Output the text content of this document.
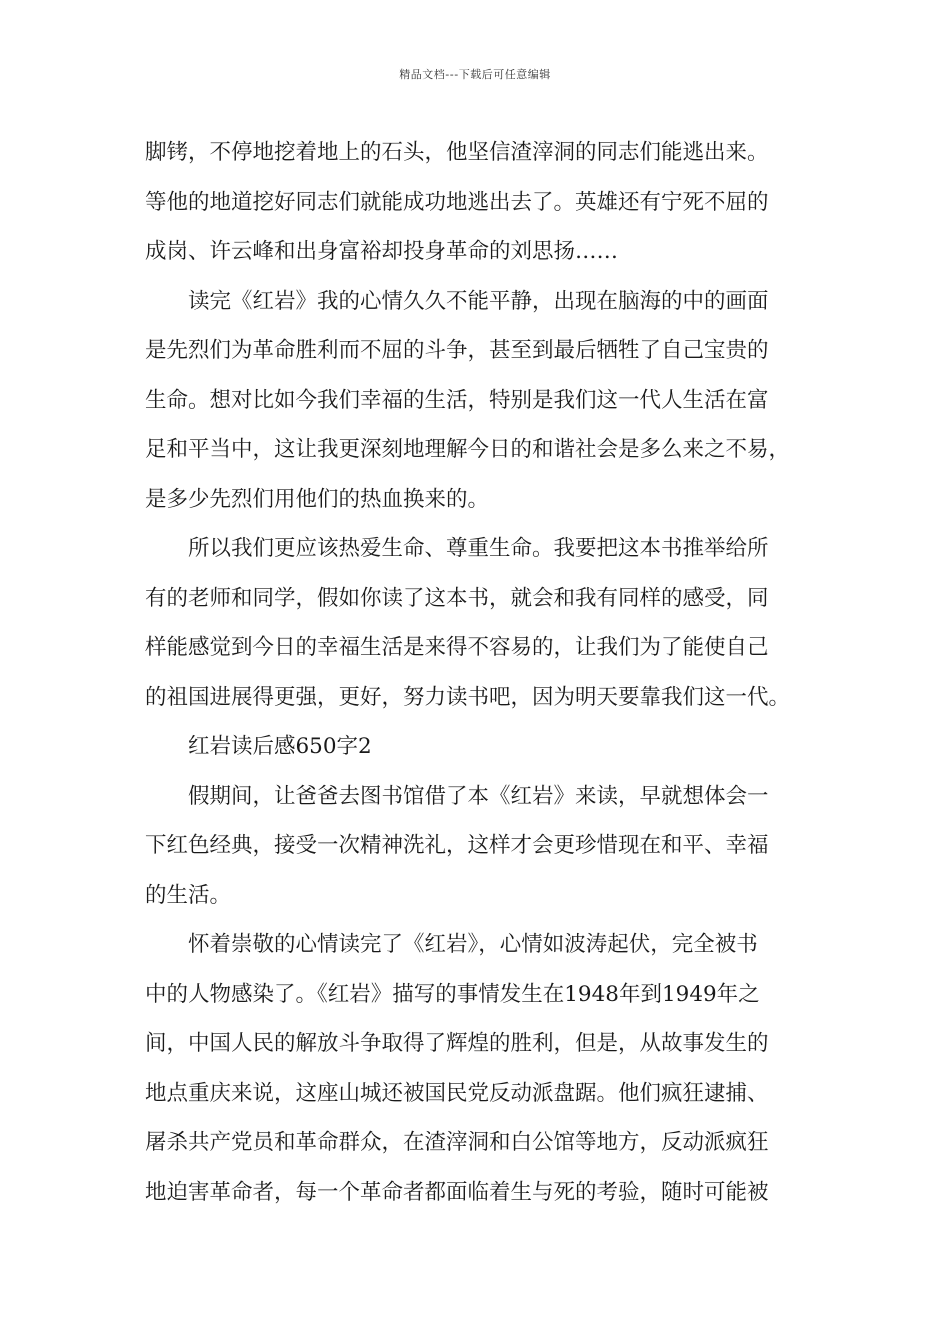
精品文档---下载后可任意编辑

脚铐，不停地挖着地上的石头，他坚信渣滓洞的同志们能逃出来。
等他的地道挖好同志们就能成功地逃出去了。英雄还有宁死不屈的
成岗、许云峰和出身富裕却投身革命的刘思扬……

读完《红岩》我的心情久久不能平静，出现在脑海的中的画面
是先烈们为革命胜利而不屈的斗争，甚至到最后牺牲了自己宝贵的
生命。想对比如今我们幸福的生活，特别是我们这一代人生活在富
足和平当中，这让我更深刻地理解今日的和谐社会是多么来之不易，
是多少先烈们用他们的热血换来的。

所以我们更应该热爱生命、尊重生命。我要把这本书推举给所
有的老师和同学，假如你读了这本书，就会和我有同样的感受，同
样能感觉到今日的幸福生活是来得不容易的，让我们为了能使自己
的祖国进展得更强，更好，努力读书吧，因为明天要靠我们这一代。

红岩读后感650字2

假期间，让爸爸去图书馆借了本《红岩》来读，早就想体会一
下红色经典，接受一次精神洗礼，这样才会更珍惜现在和平、幸福
的生活。

怀着崇敬的心情读完了《红岩》，心情如波涛起伏，完全被书
中的人物感染了。《红岩》描写的事情发生在1948年到1949年之
间，中国人民的解放斗争取得了辉煌的胜利，但是，从故事发生的
地点重庆来说，这座山城还被国民党反动派盘踞。他们疯狂逮捕、
屠杀共产党员和革命群众，在渣滓洞和白公馆等地方，反动派疯狂
地迫害革命者，每一个革命者都面临着生与死的考验，随时可能被
